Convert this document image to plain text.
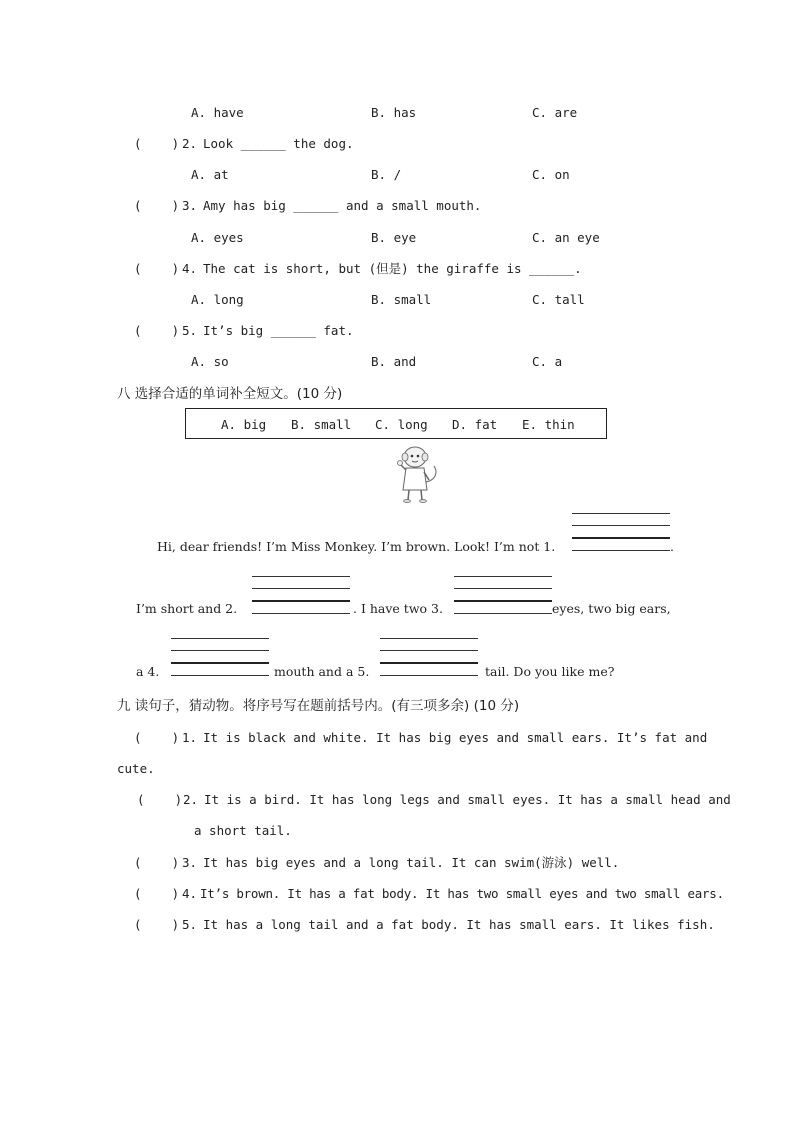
A. have	B. has	C. are
(    ) 2. Look ______ the dog.
A. at	B. /	C. on
(    ) 3. Amy has big ______ and a small mouth.
A. eyes	B. eye	C. an eye
(    ) 4. The cat is short, but (但是) the giraffe is ______.
A. long	B. small	C. tall
(    ) 5. It’s big ______ fat.
A. so	B. and	C. a
八 选择合适的单词补全短文。(10 分)
A. big B. small C. long D. fat E. thin
Hi, dear friends! I’m Miss Monkey. I’m brown. Look! I’m not 1.	.
I’m short and 2.	. I have two 3.	eyes, two big ears,
a 4.	mouth and a 5.	tail. Do you like me?
九 读句子，猜动物。将序号写在题前括号内。(有三项多余) (10 分)
(    ) 1. It is black and white. It has big eyes and small ears. It’s fat and
cute.
(    ) 2. It is a bird. It has long legs and small eyes. It has a small head and
a short tail.
(    ) 3. It has big eyes and a long tail. It can swim(游泳) well.
(    ) 4. It’s brown. It has a fat body. It has two small eyes and two small ears.
(    ) 5. It has a long tail and a fat body. It has small ears. It likes fish.
